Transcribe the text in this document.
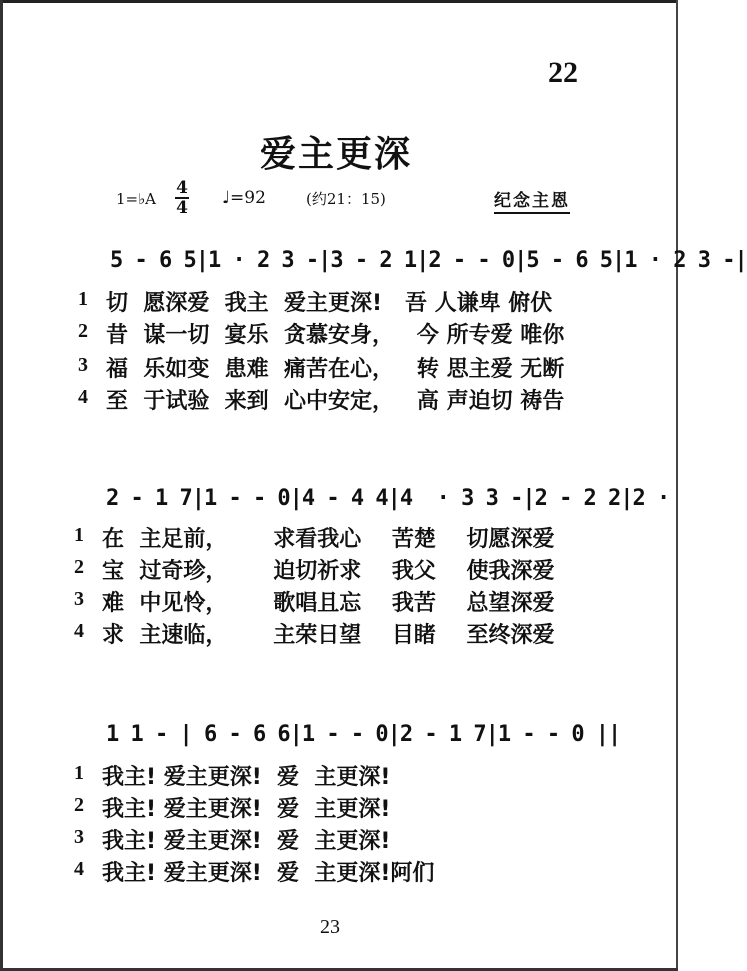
22
爱主更深
1=♭A
4
4 ♩=92	(约21：15)	纪念主恩
5 - 6 5|1 · 2 3 -|3 - 2 1|2 - - 0|5 - 6 5|1 · 2 3 -|
1 切  愿深爱  我主  爱主更深!   吾 人谦卑 俯伏
2 昔  谋一切  宴乐  贪慕安身，   今 所专爱 唯你
3 福  乐如变  患难  痛苦在心，   转 思主爱 无断
4 至  于试验  来到  心中安定，   高 声迫切 祷告
2 - 1 7|1 - - 0|4 - 4 4|4  · 3 3 -|2 - 2 2|2 ·
1 在  主足前，      求看我心    苦楚    切愿深爱
2 宝  过奇珍，      迫切祈求    我父    使我深爱
3 难  中见怜，      歌唱且忘    我苦    总望深爱
4 求  主速临，      主荣日望    目睹    至终深爱
1 1 - | 6 - 6 6|1 - - 0|2 - 1 7|1 - - 0 ||
1 我主! 爱主更深!  爱  主更深!
2 我主! 爱主更深!  爱  主更深!
3 我主! 爱主更深!  爱  主更深!
4 我主! 爱主更深!  爱  主更深!阿们
23
